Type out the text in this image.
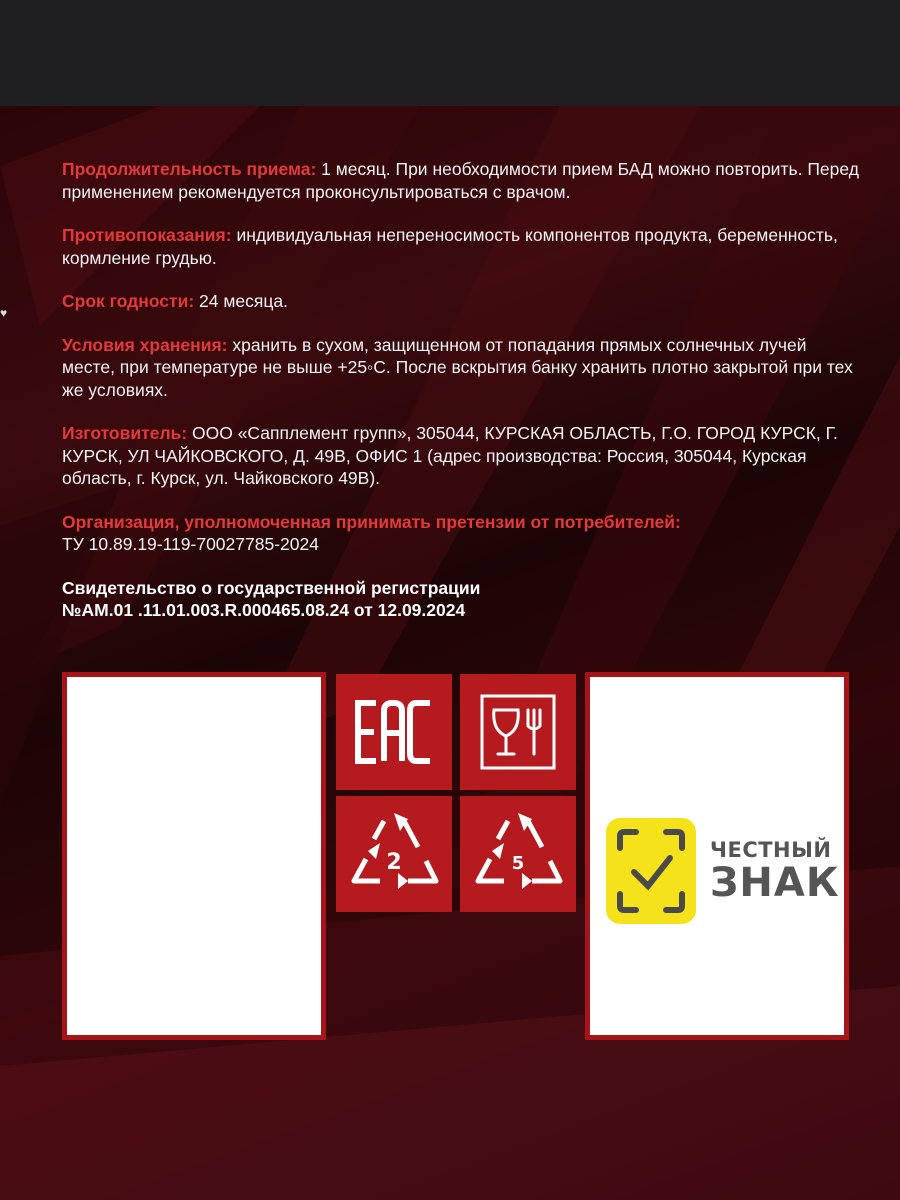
♥

Продолжительность приема: 1 месяц. При необходимости прием БАД можно повторить. Перед применением рекомендуется проконсультироваться с врачом.

Противопоказания: индивидуальная непереносимость компонентов продукта, беременность, кормление грудью.

Срок годности: 24 месяца.

Условия хранения: хранить в сухом, защищенном от попадания прямых солнечных лучей месте, при температуре не выше +25◦С. После вскрытия банку хранить плотно закрытой при тех же условиях.

Изготовитель: ООО «Сапплемент групп», 305044, КУРСКАЯ ОБЛАСТЬ, Г.О. ГОРОД КУРСК, Г. КУРСК, УЛ ЧАЙКОВСКОГО, Д. 49В, ОФИС 1 (адрес производства: Россия, 305044, Курская область, г. Курск, ул. Чайковского 49В).

Организация, уполномоченная принимать претензии от потребителей:
ТУ 10.89.19-119-70027785-2024

Свидетельство о государственной регистрации
№AM.01 .11.01.003.R.000465.08.24 от 12.09.2024

EAC
2	5
ЧЕСТНЫЙ
ЗНАК
